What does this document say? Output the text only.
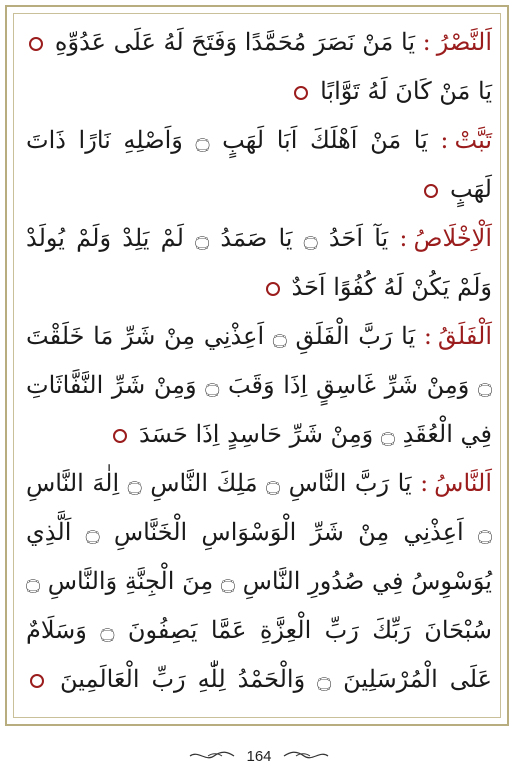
اَلنَّصْرُ: يَا مَنْ نَصَرَ مُحَمَّدًا وَفَتَحَ لَهُ عَلَى عَدُوِّهِ
يَا مَنْ كَانَ لَهُ تَوَّابًا
تَبَّتْ: يَا مَنْ اَهْلَكَ اَبَا لَهَبٍ ۝ وَاَصْلِهِ نَارًا ذَاتَ
لَهَبٍ
اَلْاِخْلَاصُ: يَآ اَحَدُ ۝ يَا صَمَدُ ۝ لَمْ يَلِدْ وَلَمْ يُولَدْ
وَلَمْ يَكُنْ لَهُ كُفُوًا اَحَدٌ
اَلْفَلَقُ: يَا رَبَّ الْفَلَقِ ۝ اَعِذْنِي مِنْ شَرِّ مَا خَلَقْتَ
۝ وَمِنْ شَرِّ غَاسِقٍ اِذَا وَقَبَ ۝ وَمِنْ شَرِّ النَّفَّاثَاتِ
فِي الْعُقَدِ ۝ وَمِنْ شَرِّ حَاسِدٍ اِذَا حَسَدَ
اَلنَّاسُ: يَا رَبَّ النَّاسِ ۝ مَلِكَ النَّاسِ ۝ اِلٰهَ النَّاسِ
۝ اَعِذْنِي مِنْ شَرِّ الْوَسْوَاسِ الْخَنَّاسِ ۝ اَلَّذِي
يُوَسْوِسُ فِي صُدُورِ النَّاسِ ۝ مِنَ الْجِنَّةِ وَالنَّاسِ ۝
سُبْحَانَ رَبِّكَ رَبِّ الْعِزَّةِ عَمَّا يَصِفُونَ ۝ وَسَلَامٌ
عَلَى الْمُرْسَلِينَ ۝ وَالْحَمْدُ لِلّٰهِ رَبِّ الْعَالَمِينَ
164
